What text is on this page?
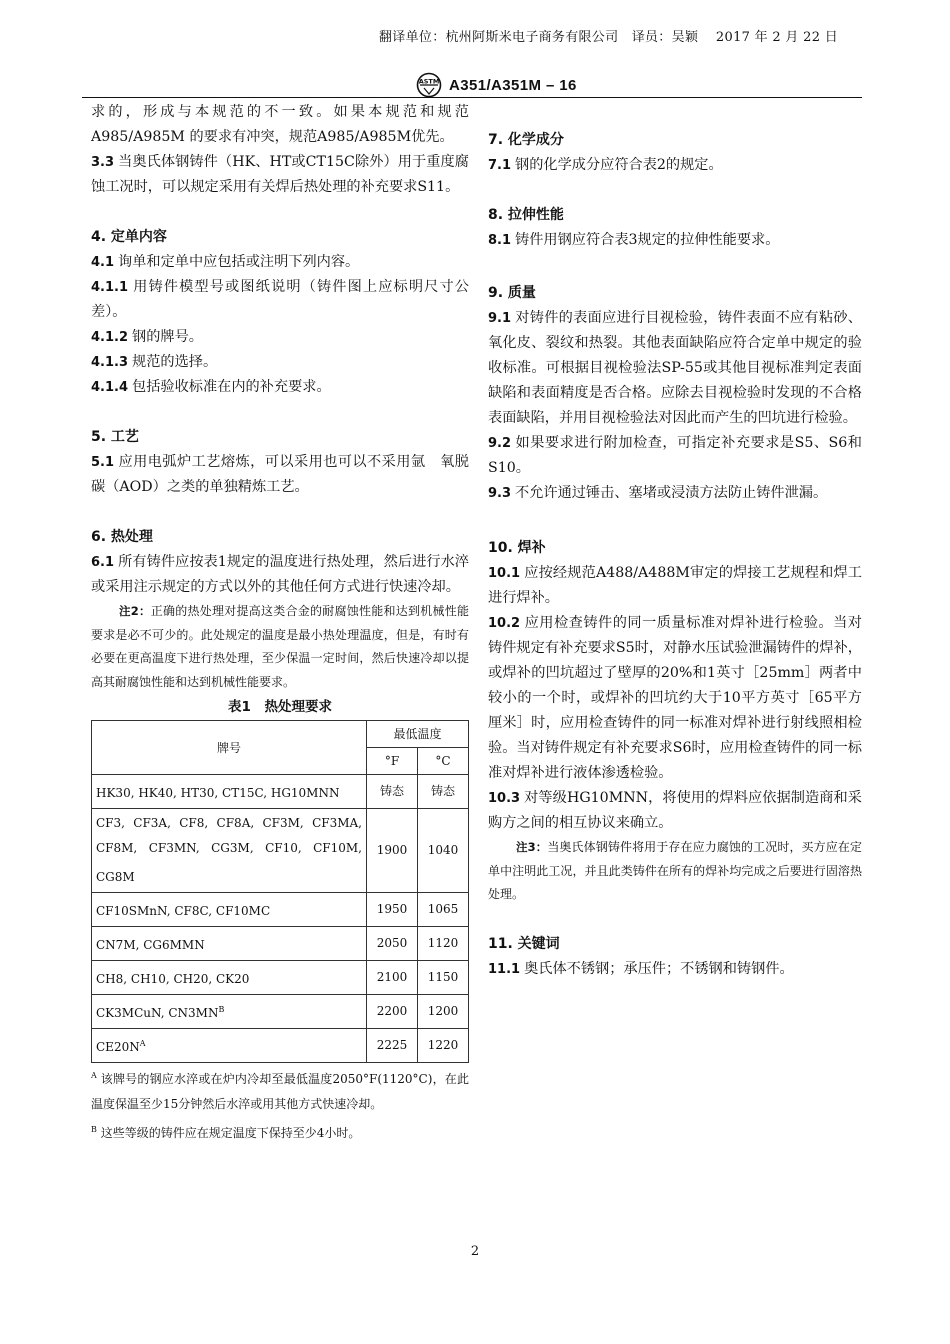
翻译单位：杭州阿斯米电子商务有限公司　译员：吴颖　 2017 年 2 月 22 日
ASTM A351/A351M – 16

求的，形成与本规范的不一致。如果本规范和规范A985/A985M 的要求有冲突，规范A985/A985M优先。

3.3 当奥氏体钢铸件（HK、HT或CT15C除外）用于重度腐蚀工况时，可以规定采用有关焊后热处理的补充要求S11。

4. 定单内容

4.1 询单和定单中应包括或注明下列内容。

4.1.1 用铸件模型号或图纸说明（铸件图上应标明尺寸公差）。

4.1.2 钢的牌号。

4.1.3 规范的选择。

4.1.4 包括验收标准在内的补充要求。

5. 工艺

5.1 应用电弧炉工艺熔炼，可以采用也可以不采用氩　氧脱碳（AOD）之类的单独精炼工艺。

6. 热处理

6.1 所有铸件应按表1规定的温度进行热处理，然后进行水淬或采用注示规定的方式以外的其他任何方式进行快速冷却。

注2：正确的热处理对提高这类合金的耐腐蚀性能和达到机械性能要求是必不可少的。此处规定的温度是最小热处理温度，但是，有时有必要在更高温度下进行热处理，至少保温一定时间，然后快速冷却以提高其耐腐蚀性能和达到机械性能要求。

表1　热处理要求
牌号	最低温度	
	°F	°C
HK30, HK40, HT30, CT15C, HG10MNN	铸态	铸态
CF3, CF3A, CF8, CF8A, CF3M, CF3MA, CF8M, CF3MN, CG3M, CF10, CF10M, CG8M	1900	1040
CF10SMnN, CF8C, CF10MC	1950	1065
CN7M, CG6MMN	2050	1120
CH8, CH10, CH20, CK20	2100	1150
CK3MCuN, $CN3MN^B$	2200	1200
$CE20N^A$	2225	1220

$^A$ 该牌号的钢应水淬或在炉内冷却至最低温度2050°F(1120°C)，在此温度保温至少15分钟然后水淬或用其他方式快速冷却。

$^B$ 这些等级的铸件应在规定温度下保持至少4小时。

7. 化学成分

7.1 钢的化学成分应符合表2的规定。

8. 拉伸性能

8.1 铸件用钢应符合表3规定的拉伸性能要求。

9. 质量

9.1 对铸件的表面应进行目视检验，铸件表面不应有粘砂、氧化皮、裂纹和热裂。其他表面缺陷应符合定单中规定的验收标准。可根据目视检验法SP-55或其他目视标准判定表面缺陷和表面精度是否合格。应除去目视检验时发现的不合格表面缺陷，并用目视检验法对因此而产生的凹坑进行检验。

9.2 如果要求进行附加检查，可指定补充要求是S5、S6和S10。

9.3 不允许通过锤击、塞堵或浸渍方法防止铸件泄漏。

10. 焊补

10.1 应按经规范A488/A488M审定的焊接工艺规程和焊工进行焊补。

10.2 应用检查铸件的同一质量标准对焊补进行检验。当对铸件规定有补充要求S5时，对静水压试验泄漏铸件的焊补，或焊补的凹坑超过了壁厚的20%和1英寸［25mm］两者中较小的一个时，或焊补的凹坑约大于10平方英寸［65平方厘米］时，应用检查铸件的同一标准对焊补进行射线照相检验。当对铸件规定有补充要求S6时，应用检查铸件的同一标准对焊补进行液体渗透检验。

10.3 对等级HG10MNN，将使用的焊料应依据制造商和采购方之间的相互协议来确立。

注3：当奥氏体钢铸件将用于存在应力腐蚀的工况时，买方应在定单中注明此工况，并且此类铸件在所有的焊补均完成之后要进行固溶热处理。

11. 关键词

11.1 奥氏体不锈钢；承压件；不锈钢和铸钢件。

2
